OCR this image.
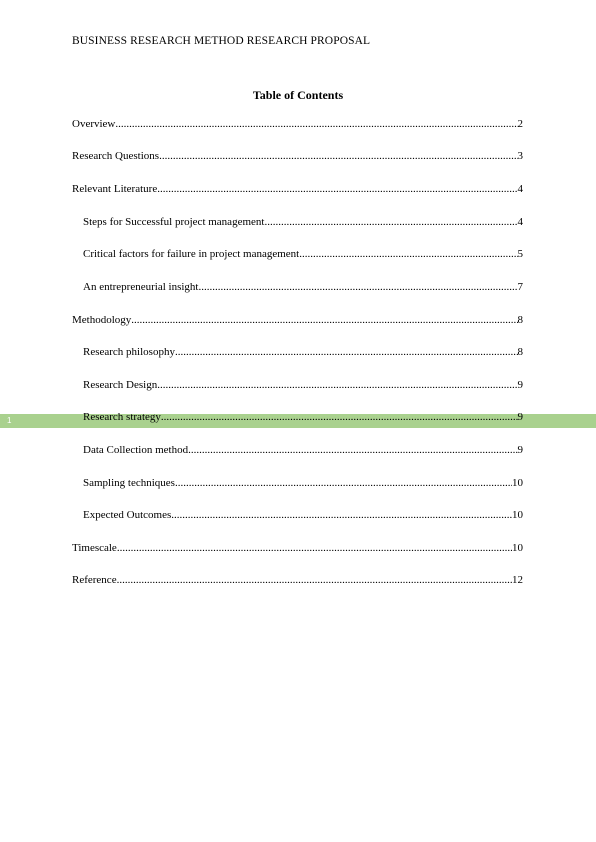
BUSINESS RESEARCH METHOD RESEARCH PROPOSAL
Table of Contents
1
Overview .....	2
Research Questions .....	3
Relevant Literature .....	4
Steps for Successful project management .....	4
Critical factors for failure in project management .....	5
An entrepreneurial insight .....	7
Methodology .....	8
Research philosophy .....	8
Research Design .....	9
Research strategy .....	9
Data Collection method .....	9
Sampling techniques .....	10
Expected Outcomes .....	10
Timescale .....	10
Reference .....	12
